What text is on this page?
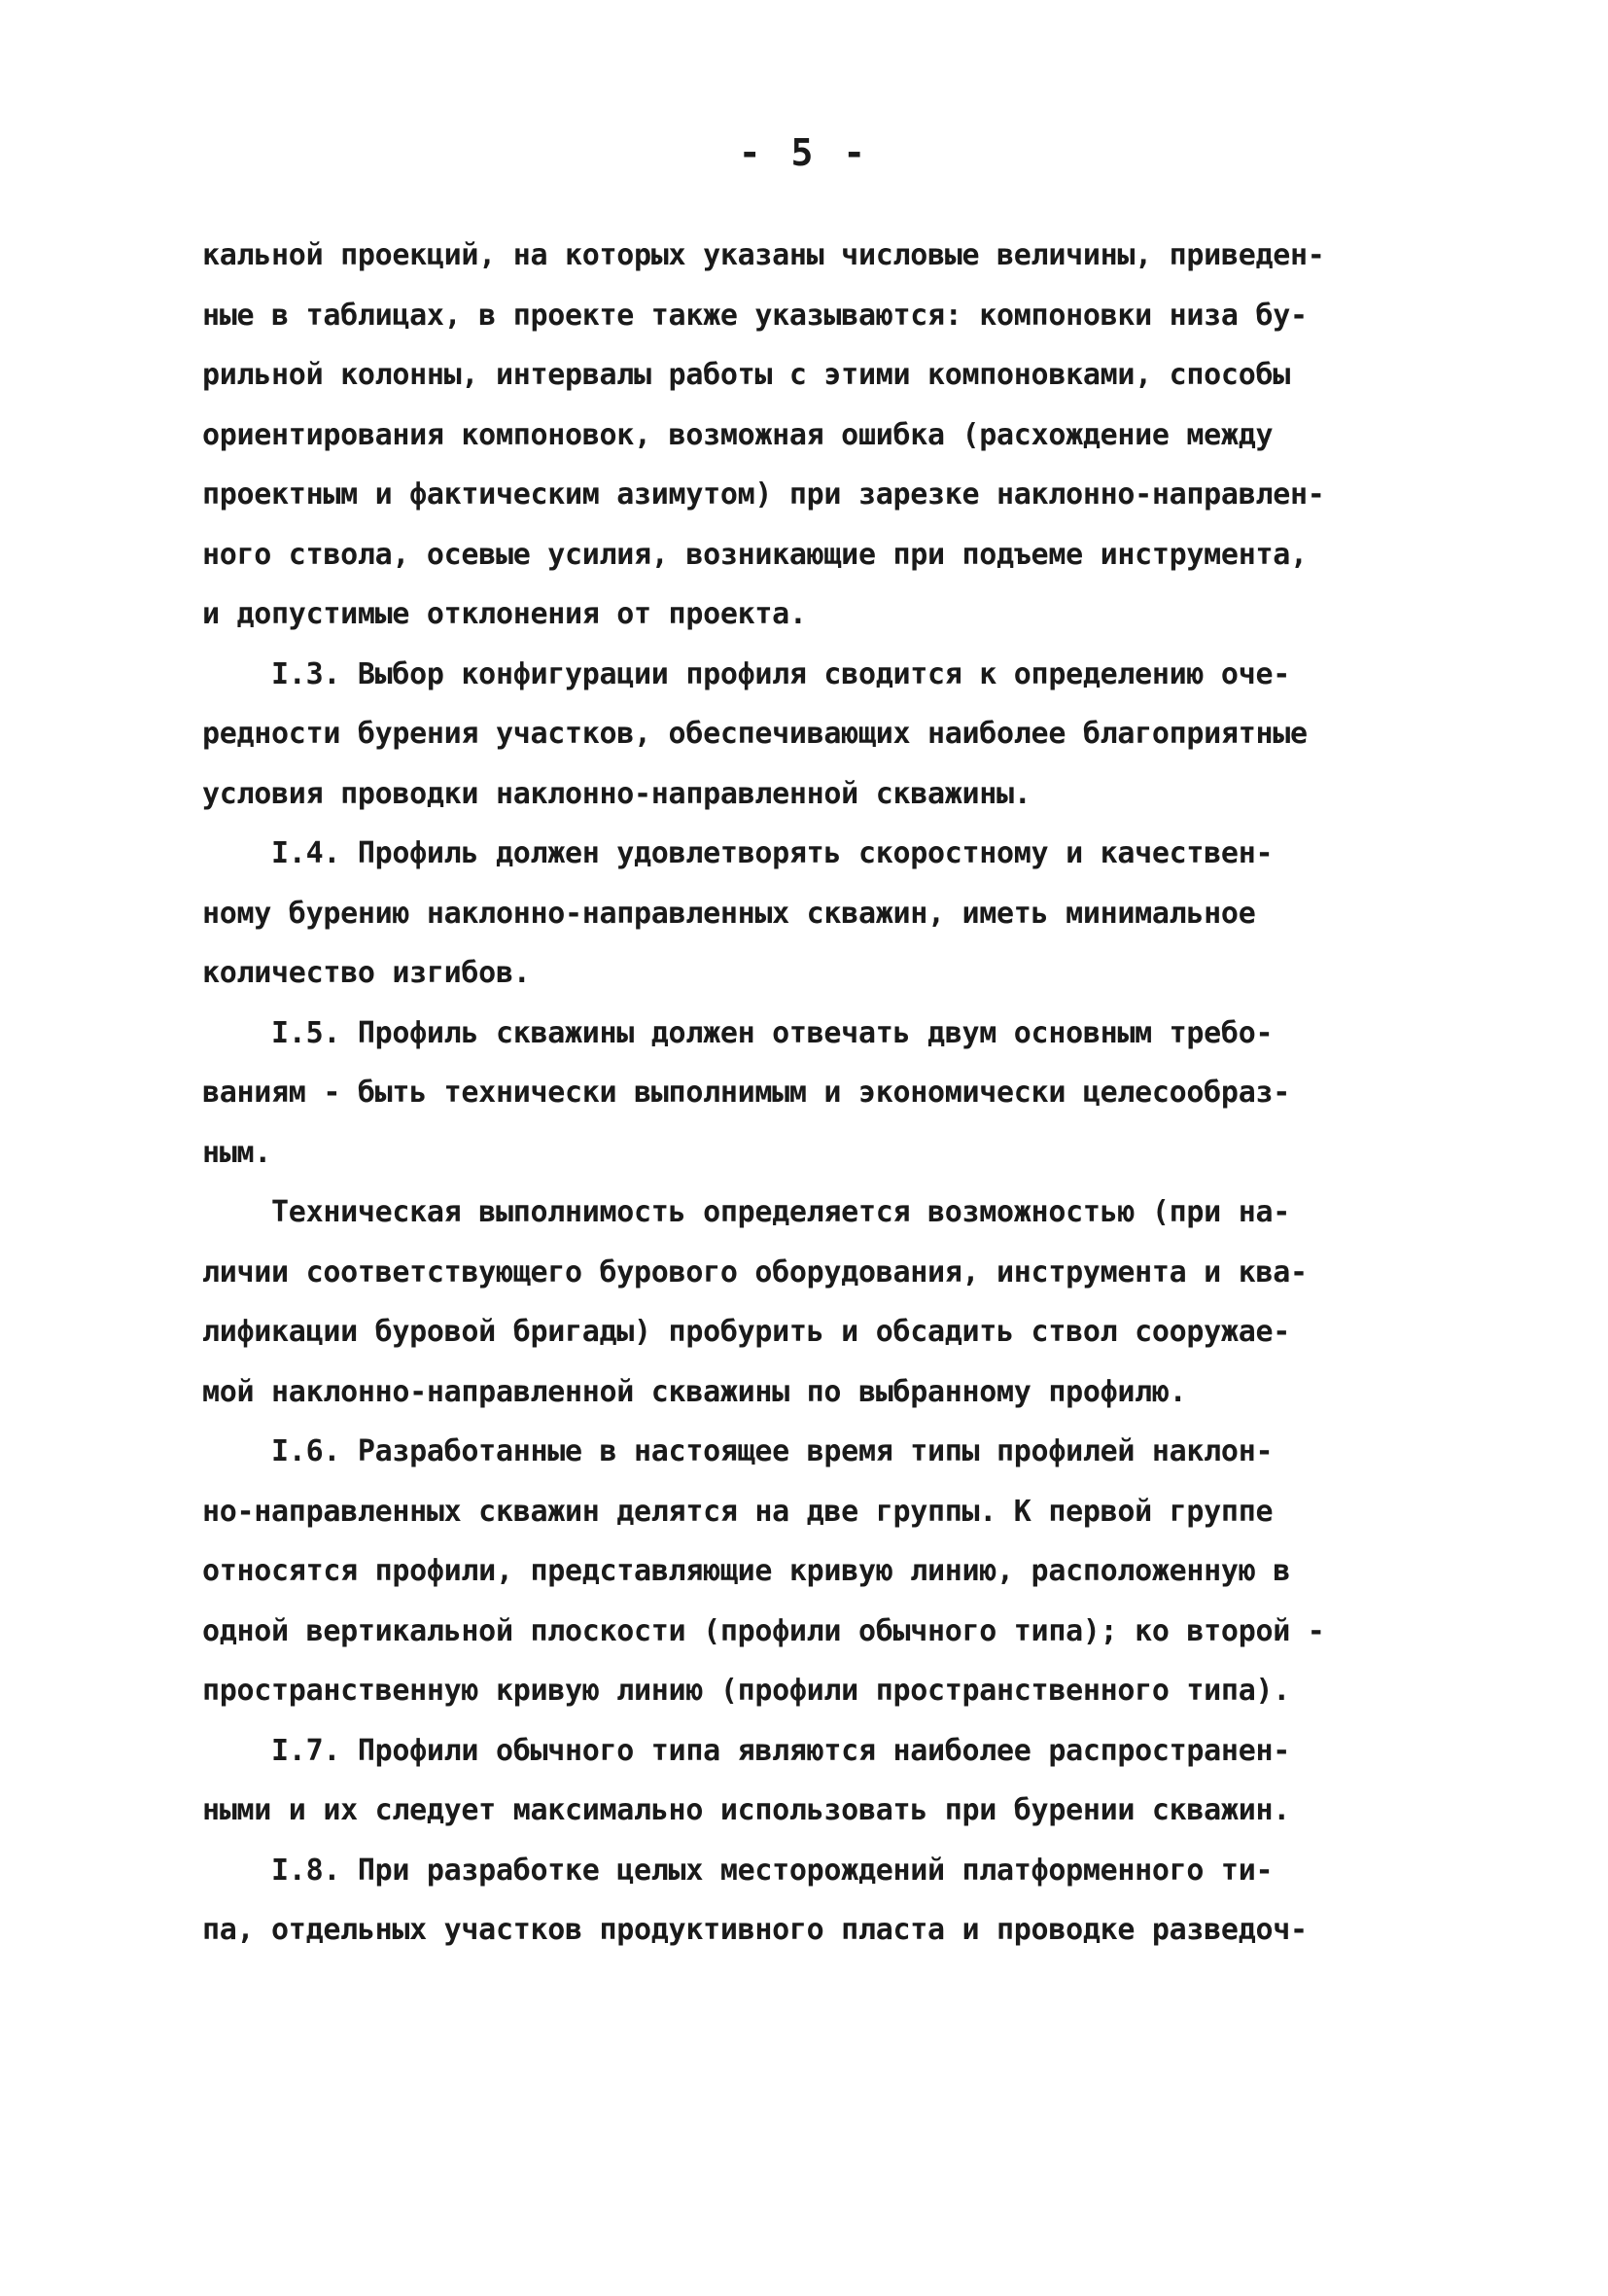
- 5 -
кальной проекций, на которых указаны числовые величины, приведен-
ные в таблицах, в проекте также указываются: компоновки низа бу-
рильной колонны, интервалы работы с этими компоновками, способы
ориентирования компоновок, возможная ошибка (расхождение между
проектным и фактическим азимутом) при зарезке наклонно-направлен-
ного ствола, осевые усилия, возникающие при подъеме инструмента,
и допустимые отклонения от проекта.
I.3. Выбор конфигурации профиля сводится к определению оче-
редности бурения участков, обеспечивающих наиболее благоприятные
условия проводки наклонно-направленной скважины.
I.4. Профиль должен удовлетворять скоростному и качествен-
ному бурению наклонно-направленных скважин, иметь минимальное
количество изгибов.
I.5. Профиль скважины должен отвечать двум основным требо-
ваниям - быть технически выполнимым и экономически целесообраз-
ным.
Техническая выполнимость определяется возможностью (при на-
личии соответствующего бурового оборудования, инструмента и ква-
лификации буровой бригады) пробурить и обсадить ствол сооружае-
мой наклонно-направленной скважины по выбранному профилю.
I.6. Разработанные в настоящее время типы профилей наклон-
но-направленных скважин делятся на две группы. К первой группе
относятся профили, представляющие кривую линию, расположенную в
одной вертикальной плоскости (профили обычного типа); ко второй -
пространственную кривую линию (профили пространственного типа).
I.7. Профили обычного типа являются наиболее распространен-
ными и их следует максимально использовать при бурении скважин.
I.8. При разработке целых месторождений платформенного ти-
па, отдельных участков продуктивного пласта и проводке разведоч-
